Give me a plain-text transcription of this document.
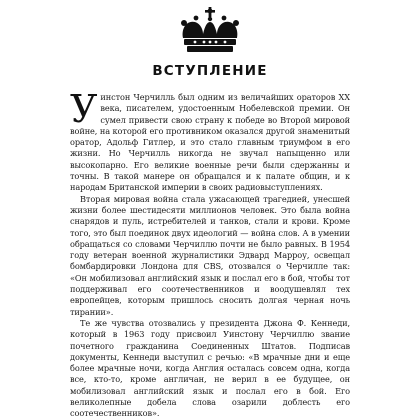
ВСТУПЛЕНИЕ

Уинстон Черчилль был одним из величайших ораторов XX века, писателем, удостоенным Нобелевской премии. Он сумел привести свою страну к победе во Второй мировой войне, на которой его противником оказался другой знаменитый оратор, Адольф Гитлер, и это стало главным триумфом в его жизни. Но Черчилль никогда не звучал напыщенно или высокопарно. Его великие военные речи были сдержанны и точны. В такой манере он обращался и к палате общин, и к народам Британской империи в своих радиовыступлениях.

Вторая мировая война стала ужасающей трагедией, унесшей жизни более шестидесяти миллионов человек. Это была война снарядов и пуль, истребителей и танков, стали и крови. Кроме того, это был поединок двух идеологий — война слов. А в умении обращаться со словами Черчиллю почти не было равных. В 1954 году ветеран военной журналистики Эдвард Марроу, освещал бомбардировки Лондона для CBS, отозвался о Черчилле так: «Он мобилизовал английский язык и послал его в бой, чтобы тот поддерживал его соотечественников и воодушевлял тех европейцев, которым пришлось сносить долгая черная ночь тирании».

Те же чувства отозвались у президента Джона Ф. Кеннеди, который в 1963 году присвоил Уинстону Черчиллю звание почетного гражданина Соединенных Штатов. Подписав документы, Кеннеди выступил с речью: «В мрачные дни и еще более мрачные ночи, когда Англия осталась совсем одна, когда все, кто-то, кроме англичан, не верил в ее будущее, он мобилизовал английский язык и послал его в бой. Его великолепные добела слова озарили доблесть его соотечественников».
